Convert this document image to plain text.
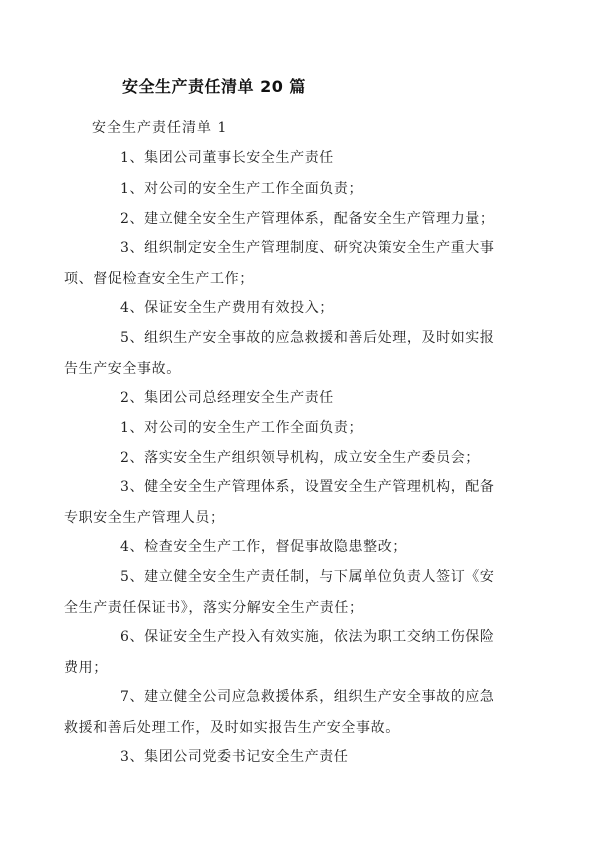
安全生产责任清单 20 篇
安全生产责任清单 1
1、集团公司董事长安全生产责任
1、对公司的安全生产工作全面负责；
2、建立健全安全生产管理体系，配备安全生产管理力量；
3、组织制定安全生产管理制度、研究决策安全生产重大事
项、督促检查安全生产工作；
4、保证安全生产费用有效投入；
5、组织生产安全事故的应急救援和善后处理，及时如实报
告生产安全事故。
2、集团公司总经理安全生产责任
1、对公司的安全生产工作全面负责；
2、落实安全生产组织领导机构，成立安全生产委员会；
3、健全安全生产管理体系，设置安全生产管理机构，配备
专职安全生产管理人员；
4、检查安全生产工作，督促事故隐患整改；
5、建立健全安全生产责任制，与下属单位负责人签订《安
全生产责任保证书》，落实分解安全生产责任；
6、保证安全生产投入有效实施，依法为职工交纳工伤保险
费用；
7、建立健全公司应急救援体系，组织生产安全事故的应急
救援和善后处理工作，及时如实报告生产安全事故。
3、集团公司党委书记安全生产责任
